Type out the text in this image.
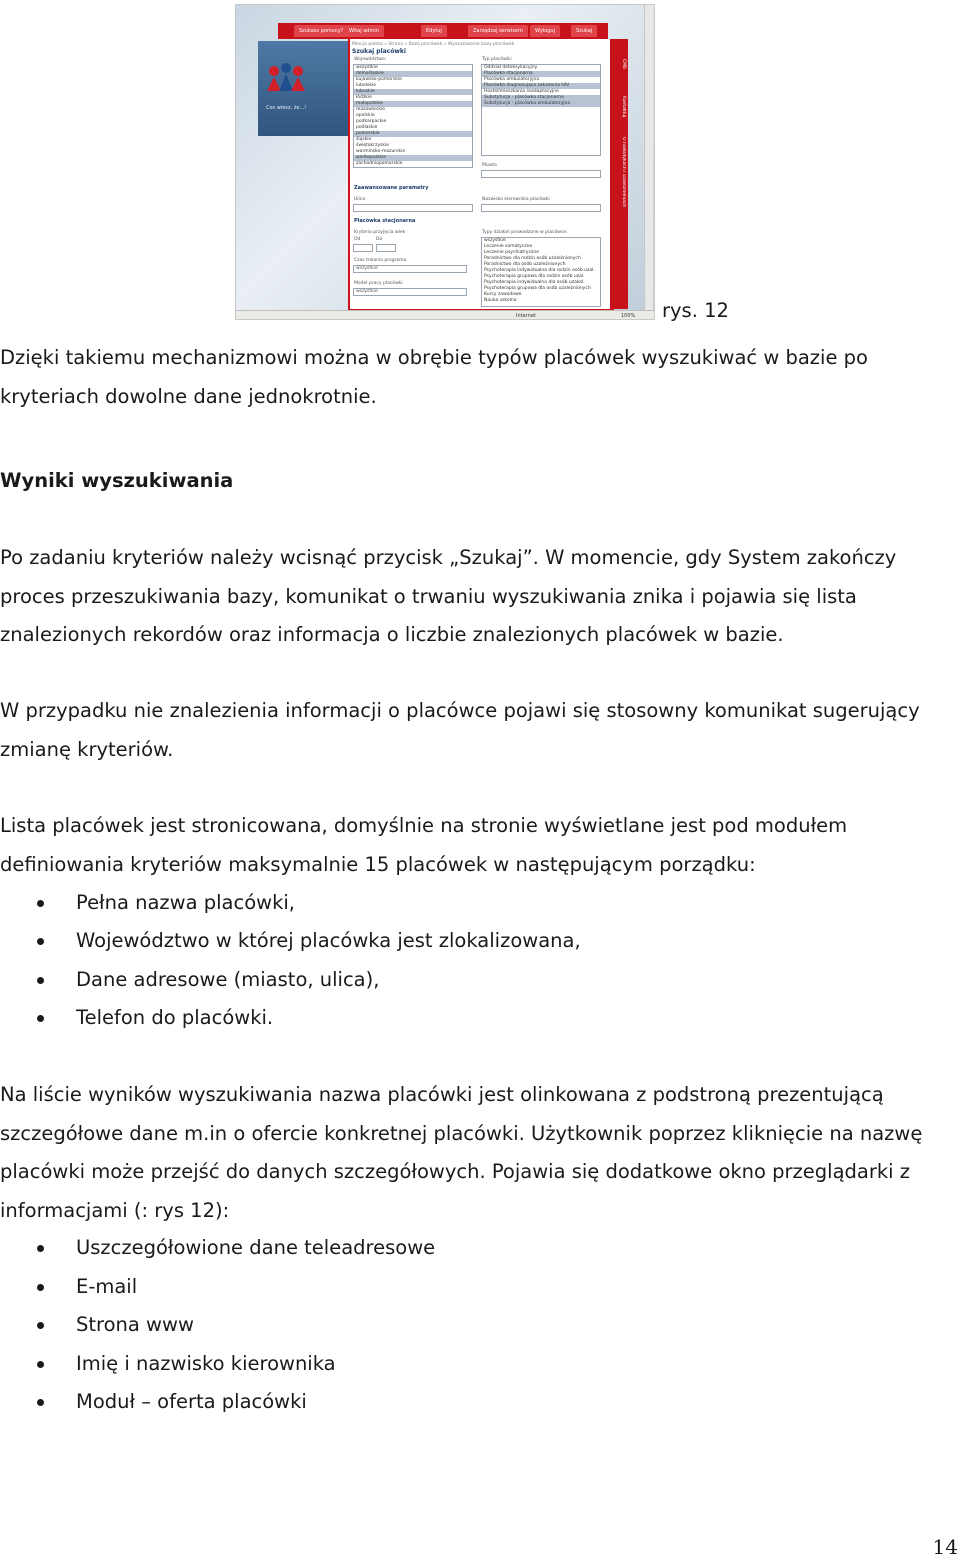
Cos wiesz, że...!
Szukasz pomocy?	Witaj admin	Edytuj	Zarządzaj serwisem	Wyloguj	Szukaj
Mercja polska » Strona » Baza placówek » Wyszukiwanie bazy placówek
Szukaj placówki
Województwo:
wszystkie
dolnośląskie
kujawsko-pomorskie
lubelskie
lubuskie
łódzkie
małopolskie
mazowieckie
opolskie
podkarpackie
podlaskie
pomorskie
śląskie
świętokrzyskie
warmińsko-mazurskie
wielkopolskie
zachodniopomorskie
Typ placówki:
Oddział detoksykacyjny
Placówka stacjonarna
Placówka ambulatoryjna
Placówka diagnozująca zakażenia HIV
Hostel/mieszkania readaptacyjne
Substytucja - placówka stacjonarna
Substytucja - placówka ambulatoryjna
Miasto
Zaawansowane parametry
Ulica	Nazwisko kierownika placówki
Placówka stacjonarna
Kryteria przyjęcia wiek
Od	Do
Czas trwania programu
wszystkie
Model pracy placówki
wszystkie
Typy działań prowadzone w placówce:
wszystkie
Leczenie somatyczne
Leczenie psychiatryczne
Poradnictwo dla rodzin osób uzależnionych
Poradnictwo dla osób uzależnionych
Psychoterapia indywidualna dla rodzin osób uzal.
Psychoterapia grupowa dla rodzin osób uzal.
Psychoterapia indywidualna dla osób uzależ.
Psychoterapia grupowa dla osób uzależnionych
Kursy zawodowe
Nauka szkolna
CMS
Kontaktuj
O narkotykach i uzależnieniach
Internet	100% rys. 12

Dzięki takiemu mechanizmowi można w obrębie typów placówek wyszukiwać w bazie po kryteriach dowolne dane jednokrotnie.

Wyniki wyszukiwania

Po zadaniu kryteriów należy wcisnąć przycisk „Szukaj”. W momencie, gdy System zakończy proces przeszukiwania bazy, komunikat o trwaniu wyszukiwania znika i pojawia się lista znalezionych rekordów oraz informacja o liczbie znalezionych placówek w bazie.

W przypadku nie znalezienia informacji o placówce pojawi się stosowny komunikat sugerujący zmianę kryteriów.

Lista placówek jest stronicowana, domyślnie na stronie wyświetlane jest pod modułem definiowania kryteriów maksymalnie 15 placówek w następującym porządku:

Pełna nazwa placówki,
Województwo w której placówka jest zlokalizowana,
Dane adresowe (miasto, ulica),
Telefon do placówki.

Na liście wyników wyszukiwania nazwa placówki jest olinkowana z podstroną prezentującą szczegółowe dane m.in o ofercie konkretnej placówki. Użytkownik poprzez kliknięcie na nazwę placówki może przejść do danych szczegółowych. Pojawia się dodatkowe okno przeglądarki z informacjami (: rys 12):

Uszczegółowione dane teleadresowe
E-mail
Strona www
Imię i nazwisko kierownika
Moduł – oferta placówki
14
